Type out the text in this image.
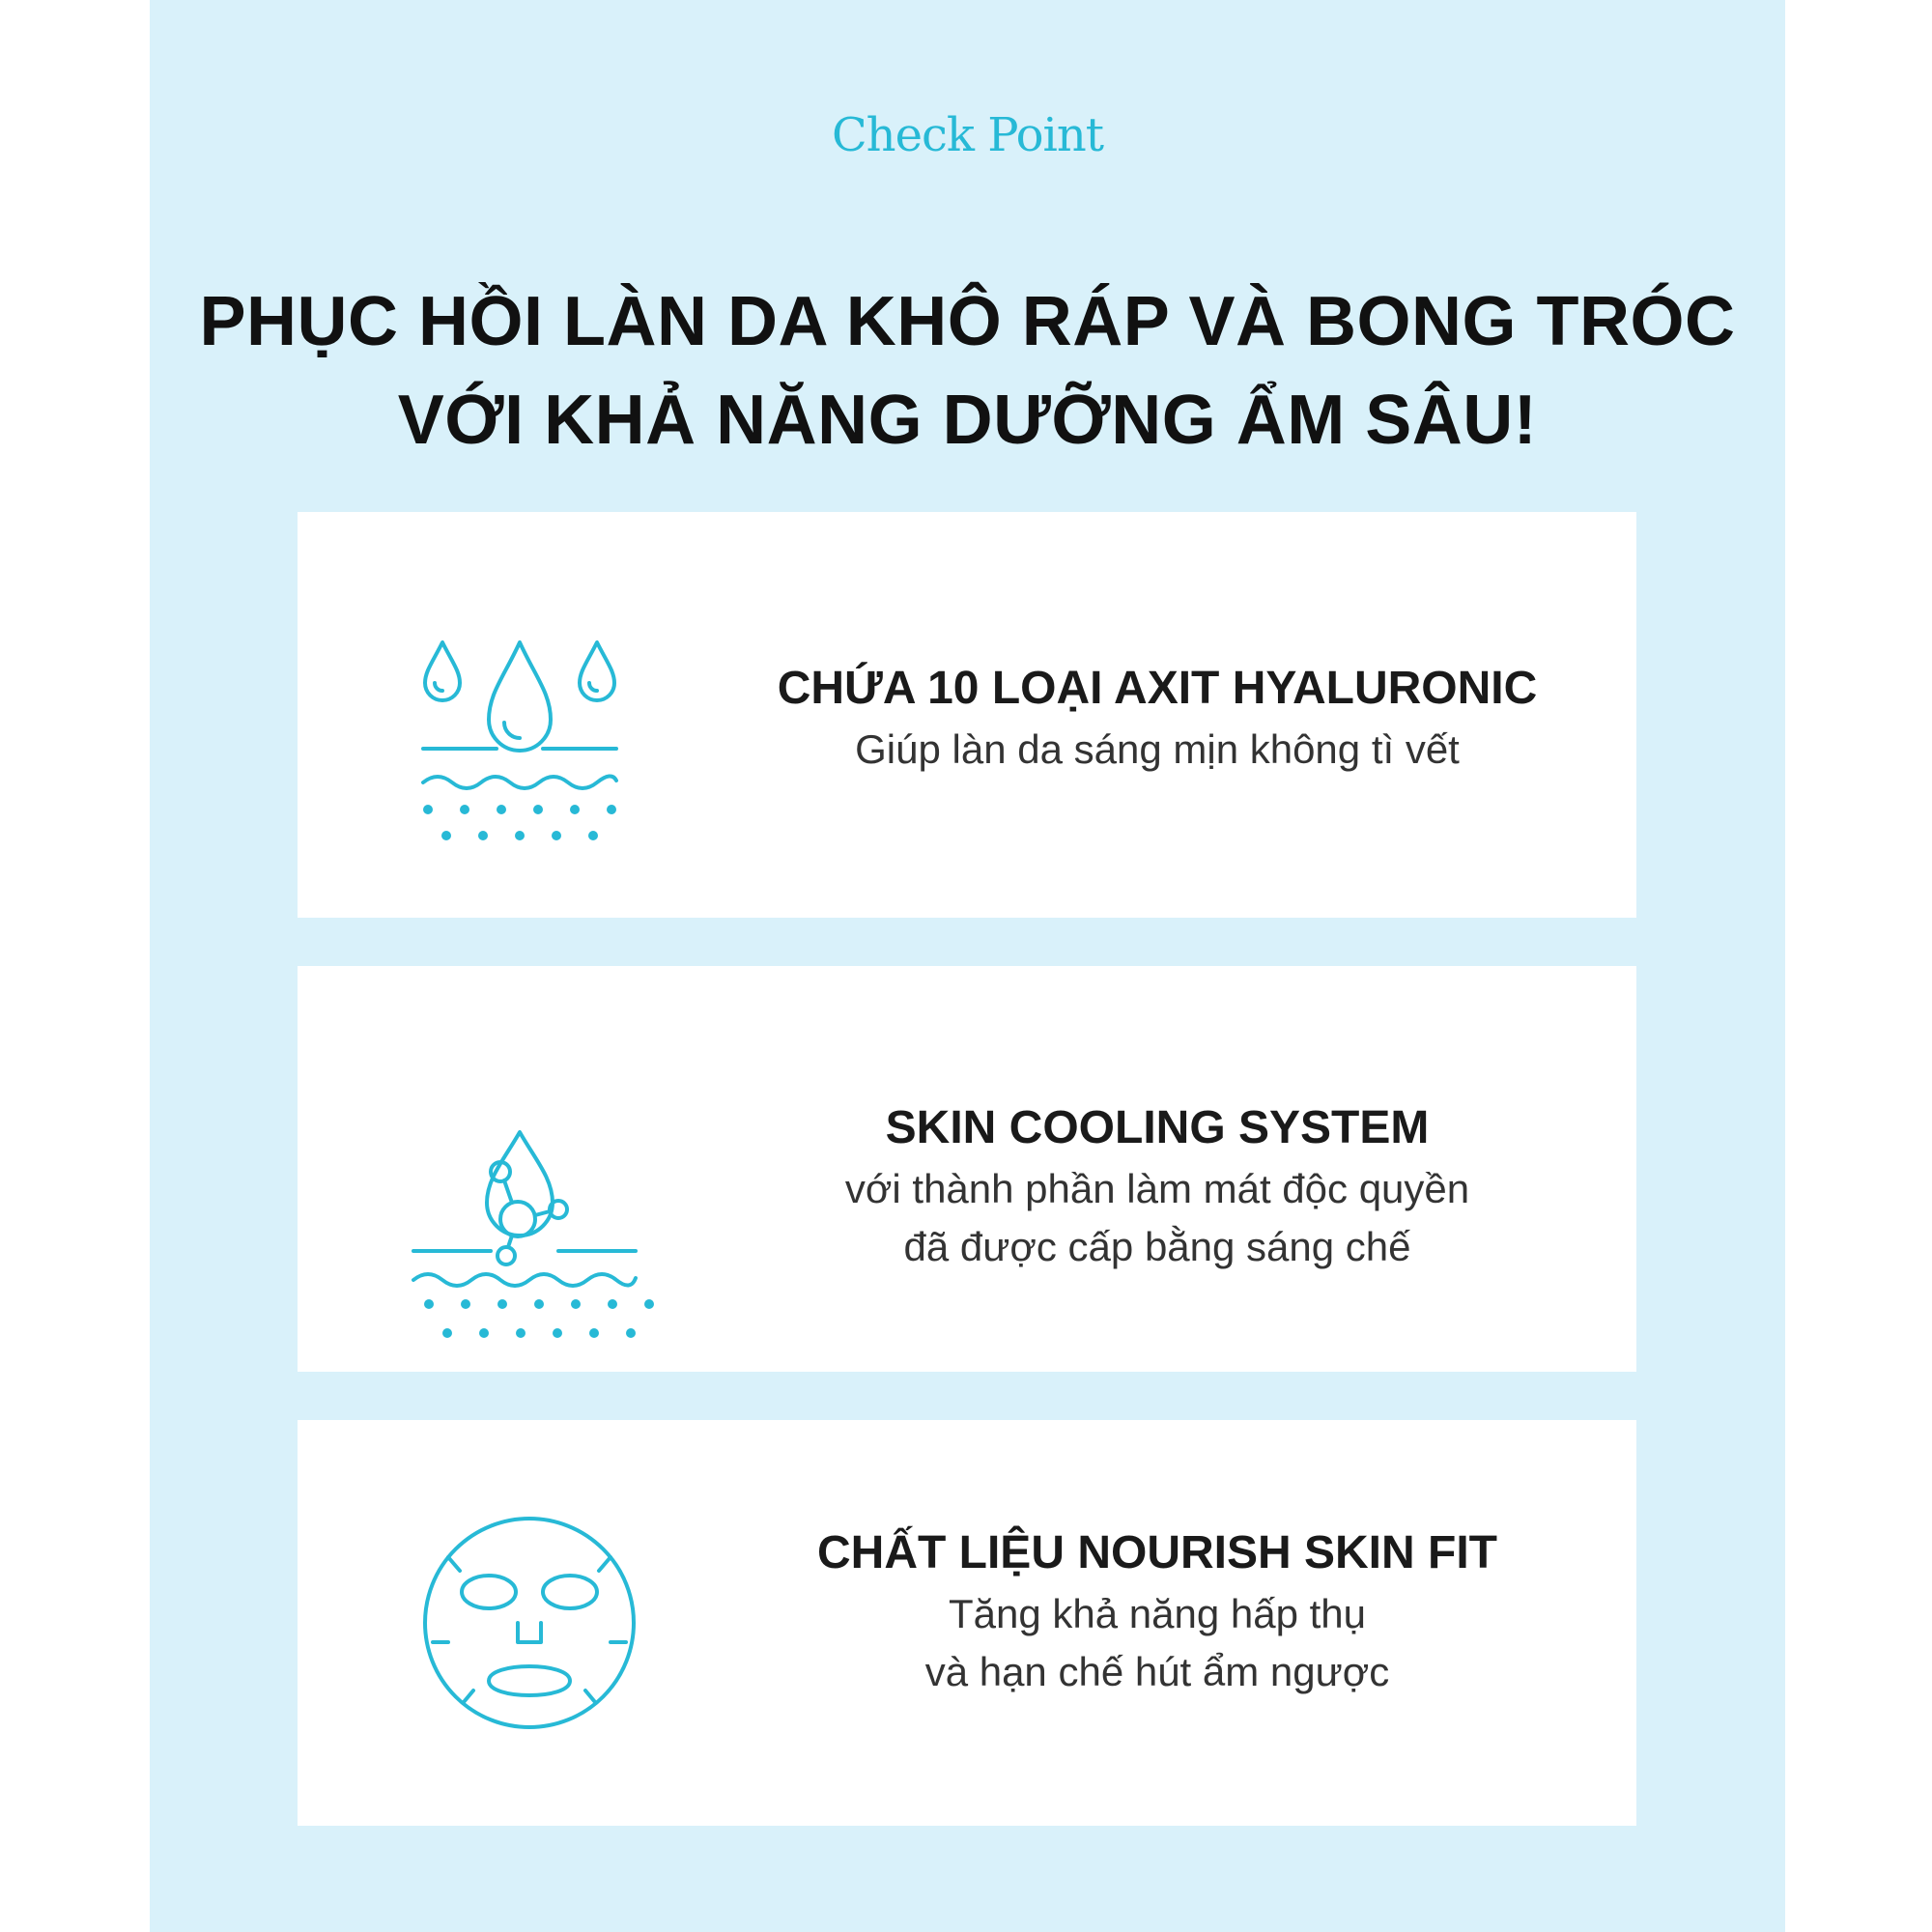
Check Point
PHỤC HỒI LÀN DA KHÔ RÁP VÀ BONG TRÓC
VỚI KHẢ NĂNG DƯỠNG ẨM SÂU!
CHỨA 10 LOẠI AXIT HYALURONIC
Giúp làn da sáng mịn không tì vết
SKIN COOLING SYSTEM
với thành phần làm mát độc quyền
đã được cấp bằng sáng chế
CHẤT LIỆU NOURISH SKIN FIT
Tăng khả năng hấp thụ
và hạn chế hút ẩm ngược
